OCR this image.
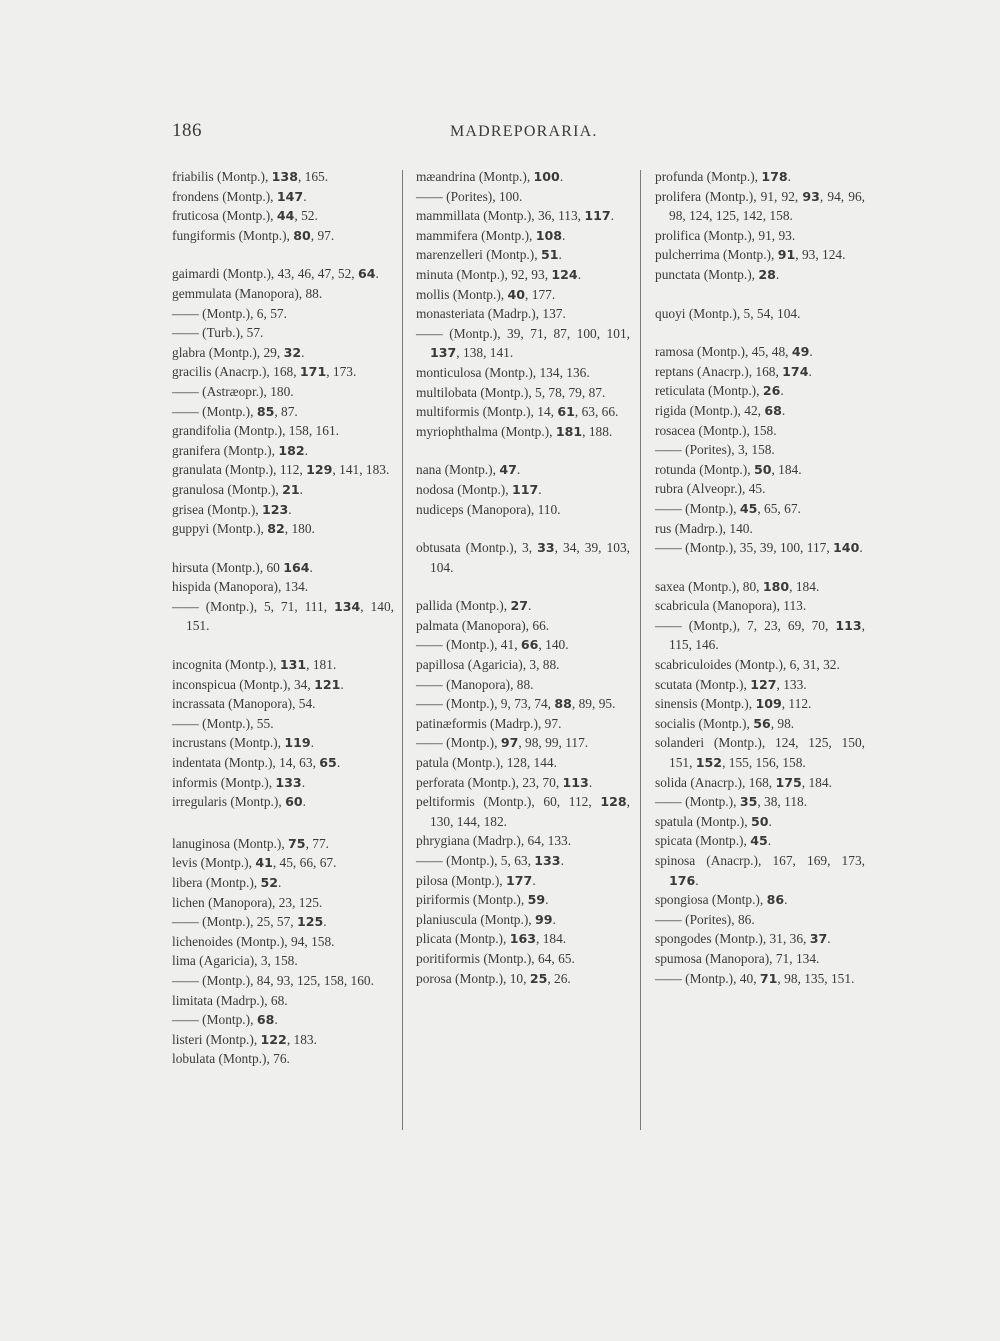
186	MADREPORARIA.
friabilis (Montp.), 138, 165.
frondens (Montp.), 147.
fruticosa (Montp.), 44, 52.
fungiformis (Montp.), 80, 97.
gaimardi (Montp.), 43, 46, 47, 52, 64.
gemmulata (Manopora), 88.
—— (Montp.), 6, 57.
—— (Turb.), 57.
glabra (Montp.), 29, 32.
gracilis (Anacrp.), 168, 171, 173.
—— (Astræopr.), 180.
—— (Montp.), 85, 87.
grandifolia (Montp.), 158, 161.
granifera (Montp.), 182.
granulata (Montp.), 112, 129, 141, 183.
granulosa (Montp.), 21.
grisea (Montp.), 123.
guppyi (Montp.), 82, 180.
hirsuta (Montp.), 60 164.
hispida (Manopora), 134.
—— (Montp.), 5, 71, 111, 134, 140, 151.
incognita (Montp.), 131, 181.
inconspicua (Montp.), 34, 121.
incrassata (Manopora), 54.
—— (Montp.), 55.
incrustans (Montp.), 119.
indentata (Montp.), 14, 63, 65.
informis (Montp.), 133.
irregularis (Montp.), 60.
lanuginosa (Montp.), 75, 77.
levis (Montp.), 41, 45, 66, 67.
libera (Montp.), 52.
lichen (Manopora), 23, 125.
—— (Montp.), 25, 57, 125.
lichenoides (Montp.), 94, 158.
lima (Agaricia), 3, 158.
—— (Montp.), 84, 93, 125, 158, 160.
limitata (Madrp.), 68.
—— (Montp.), 68.
listeri (Montp.), 122, 183.
lobulata (Montp.), 76.
mæandrina (Montp.), 100.
—— (Porites), 100.
mammillata (Montp.), 36, 113, 117.
mammifera (Montp.), 108.
marenzelleri (Montp.), 51.
minuta (Montp.), 92, 93, 124.
mollis (Montp.), 40, 177.
monasteriata (Madrp.), 137.
—— (Montp.), 39, 71, 87, 100, 101, 137, 138, 141.
monticulosa (Montp.), 134, 136.
multilobata (Montp.), 5, 78, 79, 87.
multiformis (Montp.), 14, 61, 63, 66.
myriophthalma (Montp.), 181, 188.
nana (Montp.), 47.
nodosa (Montp.), 117.
nudiceps (Manopora), 110.
obtusata (Montp.), 3, 33, 34, 39, 103, 104.
pallida (Montp.), 27.
palmata (Manopora), 66.
—— (Montp.), 41, 66, 140.
papillosa (Agaricia), 3, 88.
—— (Manopora), 88.
—— (Montp.), 9, 73, 74, 88, 89, 95.
patinæformis (Madrp.), 97.
—— (Montp.), 97, 98, 99, 117.
patula (Montp.), 128, 144.
perforata (Montp.), 23, 70, 113.
peltiformis (Montp.), 60, 112, 128, 130, 144, 182.
phrygiana (Madrp.), 64, 133.
—— (Montp.), 5, 63, 133.
pilosa (Montp.), 177.
piriformis (Montp.), 59.
planiuscula (Montp.), 99.
plicata (Montp.), 163, 184.
poritiformis (Montp.), 64, 65.
porosa (Montp.), 10, 25, 26.
profunda (Montp.), 178.
prolifera (Montp.), 91, 92, 93, 94, 96, 98, 124, 125, 142, 158.
prolifica (Montp.), 91, 93.
pulcherrima (Montp.), 91, 93, 124.
punctata (Montp.), 28.
quoyi (Montp.), 5, 54, 104.
ramosa (Montp.), 45, 48, 49.
reptans (Anacrp.), 168, 174.
reticulata (Montp.), 26.
rigida (Montp.), 42, 68.
rosacea (Montp.), 158.
—— (Porites), 3, 158.
rotunda (Montp.), 50, 184.
rubra (Alveopr.), 45.
—— (Montp.), 45, 65, 67.
rus (Madrp.), 140.
—— (Montp.), 35, 39, 100, 117, 140.
saxea (Montp.), 80, 180, 184.
scabricula (Manopora), 113.
—— (Montp,), 7, 23, 69, 70, 113, 115, 146.
scabriculoides (Montp.), 6, 31, 32.
scutata (Montp.), 127, 133.
sinensis (Montp.), 109, 112.
socialis (Montp.), 56, 98.
solanderi (Montp.), 124, 125, 150, 151, 152, 155, 156, 158.
solida (Anacrp.), 168, 175, 184.
—— (Montp.), 35, 38, 118.
spatula (Montp.), 50.
spicata (Montp.), 45.
spinosa (Anacrp.), 167, 169, 173, 176.
spongiosa (Montp.), 86.
—— (Porites), 86.
spongodes (Montp.), 31, 36, 37.
spumosa (Manopora), 71, 134.
—— (Montp.), 40, 71, 98, 135, 151.
